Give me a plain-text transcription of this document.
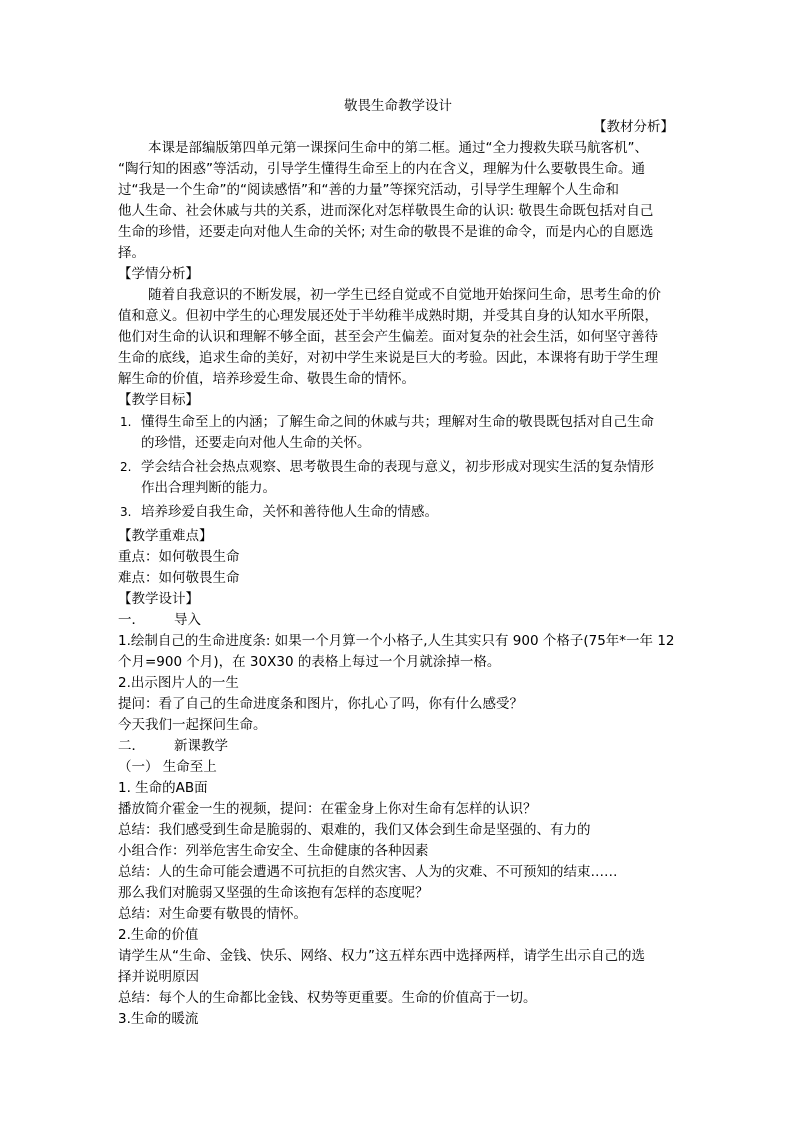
敬畏生命教学设计
【教材分析】
本课是部编版第四单元第一课探问生命中的第二框。通过“全力搜救失联马航客机”、
“陶行知的困惑”等活动，引导学生懂得生命至上的内在含义，理解为什么要敬畏生命。通
过“我是一个生命”的“阅读感悟”和“善的力量”等探究活动，引导学生理解个人生命和
他人生命、社会休戚与共的关系，进而深化对怎样敬畏生命的认识: 敬畏生命既包括对自己
生命的珍惜，还要走向对他人生命的关怀; 对生命的敬畏不是谁的命令，而是内心的自愿选
择。
【学情分析】
随着自我意识的不断发展，初一学生已经自觉或不自觉地开始探问生命，思考生命的价
值和意义。但初中学生的心理发展还处于半幼稚半成熟时期，并受其自身的认知水平所限，
他们对生命的认识和理解不够全面，甚至会产生偏差。面对复杂的社会生活，如何坚守善待
生命的底线，追求生命的美好，对初中学生来说是巨大的考验。因此，本课将有助于学生理
解生命的价值，培养珍爱生命、敬畏生命的情怀。
【教学目标】
1. 懂得生命至上的内涵；了解生命之间的休戚与共；理解对生命的敬畏既包括对自己生命
的珍惜，还要走向对他人生命的关怀。
2. 学会结合社会热点观察、思考敬畏生命的表现与意义，初步形成对现实生活的复杂情形
作出合理判断的能力。
3. 培养珍爱自我生命，关怀和善待他人生命的情感。
【教学重难点】
重点：如何敬畏生命
难点：如何敬畏生命
【教学设计】
一． 导入
1.绘制自己的生命进度条: 如果一个月算一个小格子,人生其实只有 900 个格子(75年*一年 12
个月=900 个月)，在 30X30 的表格上每过一个月就涂掉一格。
2.出示图片人的一生
提问：看了自己的生命进度条和图片，你扎心了吗，你有什么感受？
今天我们一起探问生命。
二． 新课教学
（一） 生命至上
1. 生命的AB面
播放简介霍金一生的视频，提问：在霍金身上你对生命有怎样的认识？
总结：我们感受到生命是脆弱的、艰难的，我们又体会到生命是坚强的、有力的
小组合作：列举危害生命安全、生命健康的各种因素
总结：人的生命可能会遭遇不可抗拒的自然灾害、人为的灾难、不可预知的结束……
那么我们对脆弱又坚强的生命该抱有怎样的态度呢？
总结：对生命要有敬畏的情怀。
2.生命的价值
请学生从“生命、金钱、快乐、网络、权力”这五样东西中选择两样，请学生出示自己的选
择并说明原因
总结：每个人的生命都比金钱、权势等更重要。生命的价值高于一切。
3.生命的暖流
